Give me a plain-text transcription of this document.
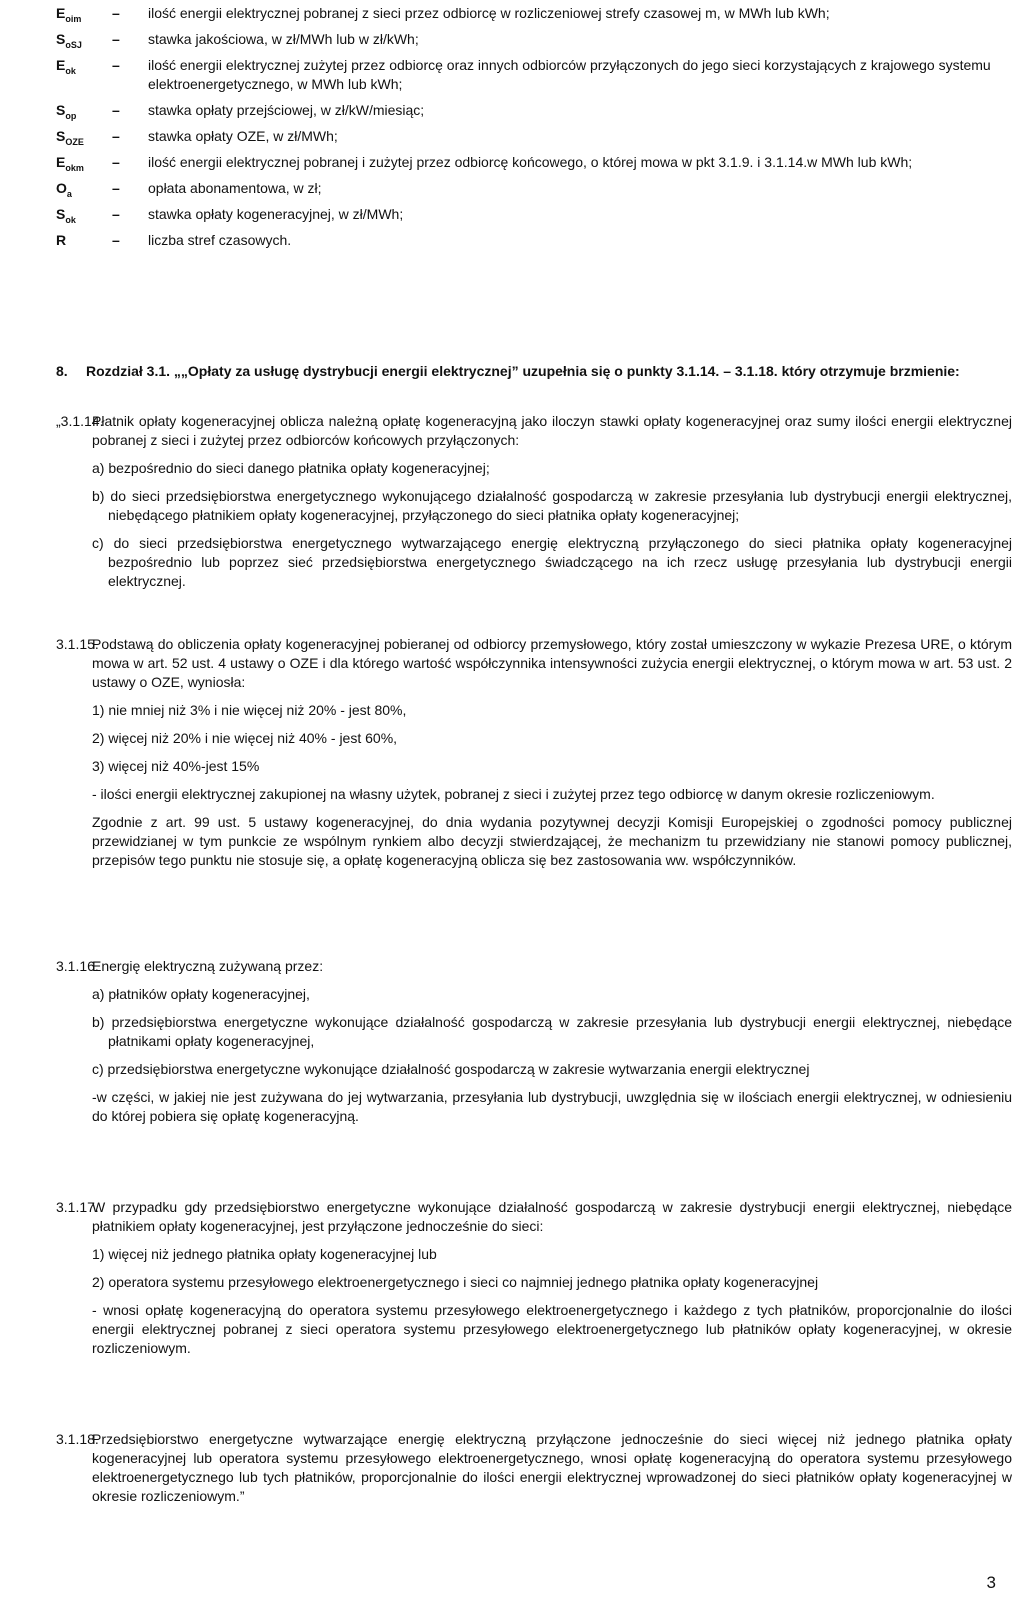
$E_{oim}$	–	ilość energii elektrycznej pobranej z sieci przez odbiorcę w rozliczeniowej strefy czasowej m, w MWh lub kWh;
$S_{oSJ}$	–	stawka jakościowa, w zł/MWh lub w zł/kWh;
$E_{ok}$	–	ilość energii elektrycznej zużytej przez odbiorcę oraz innych odbiorców przyłączonych do jego sieci korzystających z krajowego systemu elektroenergetycznego, w MWh lub kWh;
$S_{op}$	–	stawka opłaty przejściowej, w zł/kW/miesiąc;
$S_{OZE}$	–	stawka opłaty OZE, w zł/MWh;
$E_{okm}$	–	ilość energii elektrycznej pobranej i zużytej przez odbiorcę końcowego, o której mowa w pkt 3.1.9. i 3.1.14.w MWh lub kWh;
$O_a$	–	opłata abonamentowa, w zł;
$S_{ok}$	–	stawka opłaty kogeneracyjnej, w zł/MWh;
R	–	liczba stref czasowych.
8. Rozdział 3.1. „„Opłaty za usługę dystrybucji energii elektrycznej” uzupełnia się o punkty 3.1.14. – 3.1.18. który otrzymuje brzmienie:
„3.1.14.
Płatnik opłaty kogeneracyjnej oblicza należną opłatę kogeneracyjną jako iloczyn stawki opłaty kogeneracyjnej oraz sumy ilości energii elektrycznej pobranej z sieci i zużytej przez odbiorców końcowych przyłączonych:
a) bezpośrednio do sieci danego płatnika opłaty kogeneracyjnej;
b) do sieci przedsiębiorstwa energetycznego wykonującego działalność gospodarczą w zakresie przesyłania lub dystrybucji energii elektrycznej, niebędącego płatnikiem opłaty kogeneracyjnej, przyłączonego do sieci płatnika opłaty kogeneracyjnej;
c) do sieci przedsiębiorstwa energetycznego wytwarzającego energię elektryczną przyłączonego do sieci płatnika opłaty kogeneracyjnej bezpośrednio lub poprzez sieć przedsiębiorstwa energetycznego świadczącego na ich rzecz usługę przesyłania lub dystrybucji energii elektrycznej.
3.1.15.
Podstawą do obliczenia opłaty kogeneracyjnej pobieranej od odbiorcy przemysłowego, który został umieszczony w wykazie Prezesa URE, o którym mowa w art. 52 ust. 4 ustawy o OZE i dla którego wartość współczynnika intensywności zużycia energii elektrycznej, o którym mowa w art. 53 ust. 2 ustawy o OZE, wyniosła:
1) nie mniej niż 3% i nie więcej niż 20% - jest 80%,
2) więcej niż 20% i nie więcej niż 40% - jest 60%,
3) więcej niż 40%-jest 15%
- ilości energii elektrycznej zakupionej na własny użytek, pobranej z sieci i zużytej przez tego odbiorcę w danym okresie rozliczeniowym.
Zgodnie z art. 99 ust. 5 ustawy kogeneracyjnej, do dnia wydania pozytywnej decyzji Komisji Europejskiej o zgodności pomocy publicznej przewidzianej w tym punkcie ze wspólnym rynkiem albo decyzji stwierdzającej, że mechanizm tu przewidziany nie stanowi pomocy publicznej, przepisów tego punktu nie stosuje się, a opłatę kogeneracyjną oblicza się bez zastosowania ww. współczynników.
3.1.16.
Energię elektryczną zużywaną przez:
a) płatników opłaty kogeneracyjnej,
b) przedsiębiorstwa energetyczne wykonujące działalność gospodarczą w zakresie przesyłania lub dystrybucji energii elektrycznej, niebędące płatnikami opłaty kogeneracyjnej,
c) przedsiębiorstwa energetyczne wykonujące działalność gospodarczą w zakresie wytwarzania energii elektrycznej
-w części, w jakiej nie jest zużywana do jej wytwarzania, przesyłania lub dystrybucji, uwzględnia się w ilościach energii elektrycznej, w odniesieniu do której pobiera się opłatę kogeneracyjną.
3.1.17.
W przypadku gdy przedsiębiorstwo energetyczne wykonujące działalność gospodarczą w zakresie dystrybucji energii elektrycznej, niebędące płatnikiem opłaty kogeneracyjnej, jest przyłączone jednocześnie do sieci:
1) więcej niż jednego płatnika opłaty kogeneracyjnej lub
2) operatora systemu przesyłowego elektroenergetycznego i sieci co najmniej jednego płatnika opłaty kogeneracyjnej
- wnosi opłatę kogeneracyjną do operatora systemu przesyłowego elektroenergetycznego i każdego z tych płatników, proporcjonalnie do ilości energii elektrycznej pobranej z sieci operatora systemu przesyłowego elektroenergetycznego lub płatników opłaty kogeneracyjnej, w okresie rozliczeniowym.
3.1.18.
Przedsiębiorstwo energetyczne wytwarzające energię elektryczną przyłączone jednocześnie do sieci więcej niż jednego płatnika opłaty kogeneracyjnej lub operatora systemu przesyłowego elektroenergetycznego, wnosi opłatę kogeneracyjną do operatora systemu przesyłowego elektroenergetycznego lub tych płatników, proporcjonalnie do ilości energii elektrycznej wprowadzonej do sieci płatników opłaty kogeneracyjnej w okresie rozliczeniowym.”
3
